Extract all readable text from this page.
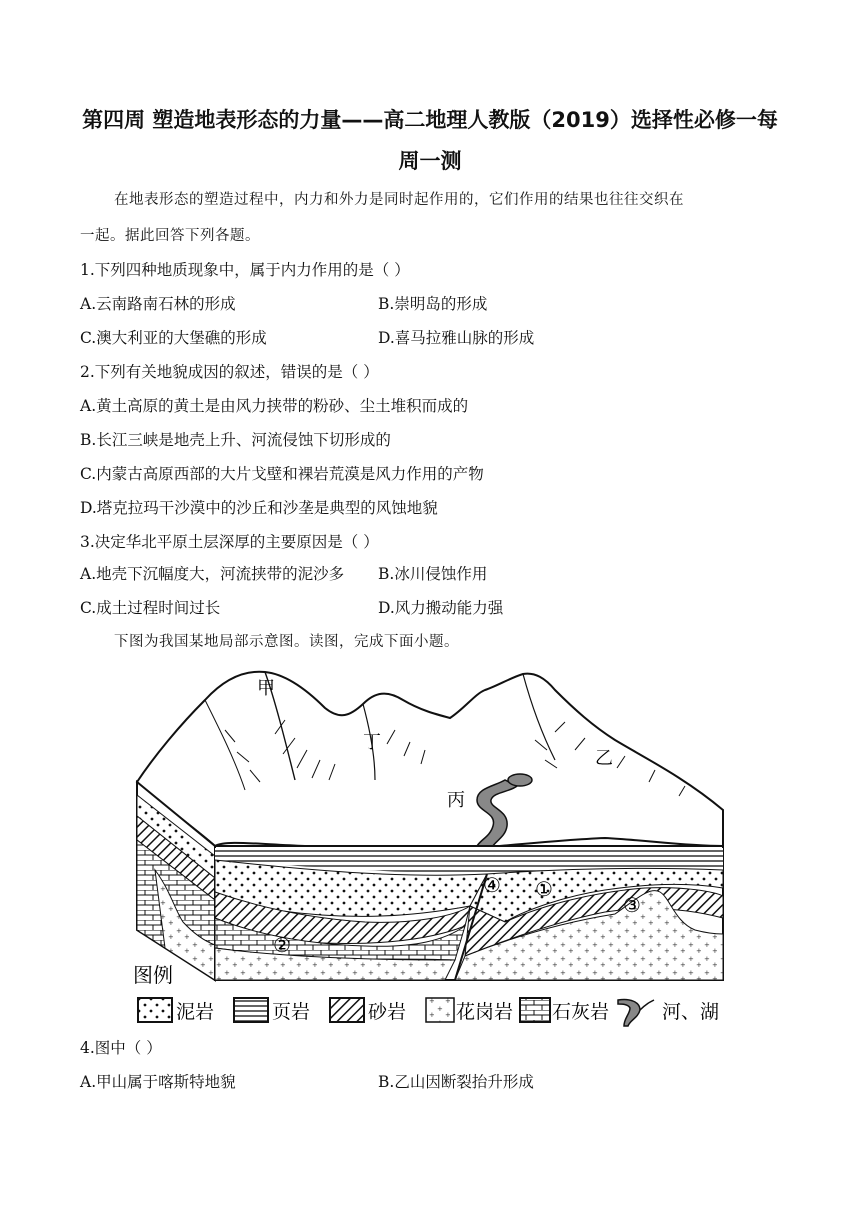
第四周 塑造地表形态的力量——高二地理人教版（2019）选择性必修一每
周一测
在地表形态的塑造过程中，内力和外力是同时起作用的，它们作用的结果也往往交织在
一起。据此回答下列各题。
1.下列四种地质现象中，属于内力作用的是（ ）
A.云南路南石林的形成	B.崇明岛的形成
C.澳大利亚的大堡礁的形成	D.喜马拉雅山脉的形成
2.下列有关地貌成因的叙述，错误的是（ ）
A.黄土高原的黄土是由风力挟带的粉砂、尘土堆积而成的
B.长江三峡是地壳上升、河流侵蚀下切形成的
C.内蒙古高原西部的大片戈壁和裸岩荒漠是风力作用的产物
D.塔克拉玛干沙漠中的沙丘和沙垄是典型的风蚀地貌
3.决定华北平原土层深厚的主要原因是（ ）
A.地壳下沉幅度大，河流挟带的泥沙多 B.冰川侵蚀作用
C.成土过程时间过长	D.风力搬动能力强
下图为我国某地局部示意图。读图，完成下面小题。
甲
乙
丙
丁
①
②
③
④
图例
泥岩	页岩	砂岩	花岗岩 石灰岩	河、湖
4.图中（ ）
A.甲山属于喀斯特地貌	B.乙山因断裂抬升形成
